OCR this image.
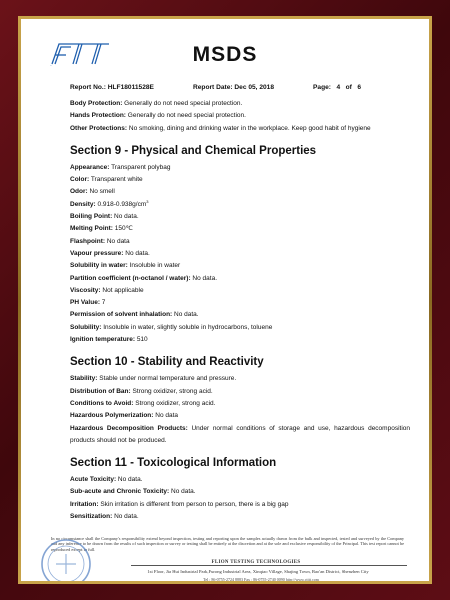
FTT
MSDS
Report No.: HLF18011528E	Report Date: Dec 05, 2018	Page: 4 of 6

Body Protection: Generally do not need special protection.

Hands Protection: Generally do not need special protection.

Other Protections: No smoking, dining and drinking water in the workplace. Keep good habit of hygiene

Section 9 - Physical and Chemical Properties

Appearance: Transparent polybag

Color: Transparent white

Odor: No smell

Density: $0.918-0.938g/cm^3$

Boiling Point: No data.

Melting Point: 150℃

Flashpoint: No data

Vapour pressure: No data.

Solubility in water: Insoluble in water

Partition coefficient (n-octanol / water): No data.

Viscosity: Not applicable

PH Value: 7

Permission of solvent inhalation: No data.

Solubility: Insoluble in water, slightly soluble in hydrocarbons, toluene

Ignition temperature: 510

Section 10 - Stability and Reactivity

Stability: Stable under normal temperature and pressure.

Distribution of Ban: Strong oxidizer, strong acid.

Conditions to Avoid: Strong oxidizer, strong acid.

Hazardous Polymerization: No data

Hazardous Decomposition Products: Under normal conditions of storage and use, hazardous decomposition products should not be produced.

Section 11 - Toxicological Information

Acute Toxicity: No data.

Sub-acute and Chronic Toxicity: No data.

Irritation: Skin irritation is different from person to person, there is a big gap

Sensitization: No data.

In no circumstance shall the Company's responsibility extend beyond inspection, testing and reporting upon the samples actually drawn from the bulk and inspected, tested and surveyed by the Company and any inference to be drawn from the results of such inspection or survey or testing shall be entirely at the discretion and at the sole and exclusive responsibility of the Principal. This test report cannot be reproduced except in full.
FLION TESTING TECHNOLOGIES
1st Floor, Jia Hui Industrial Park,Furong Industrial Area, Xinqiao Village, Shajing Town, Bao'an District, Shenzhen City
Tel : 86-0755-2724 8883 Fax : 86-0755-2740 0090 http://www.ctttt.com
